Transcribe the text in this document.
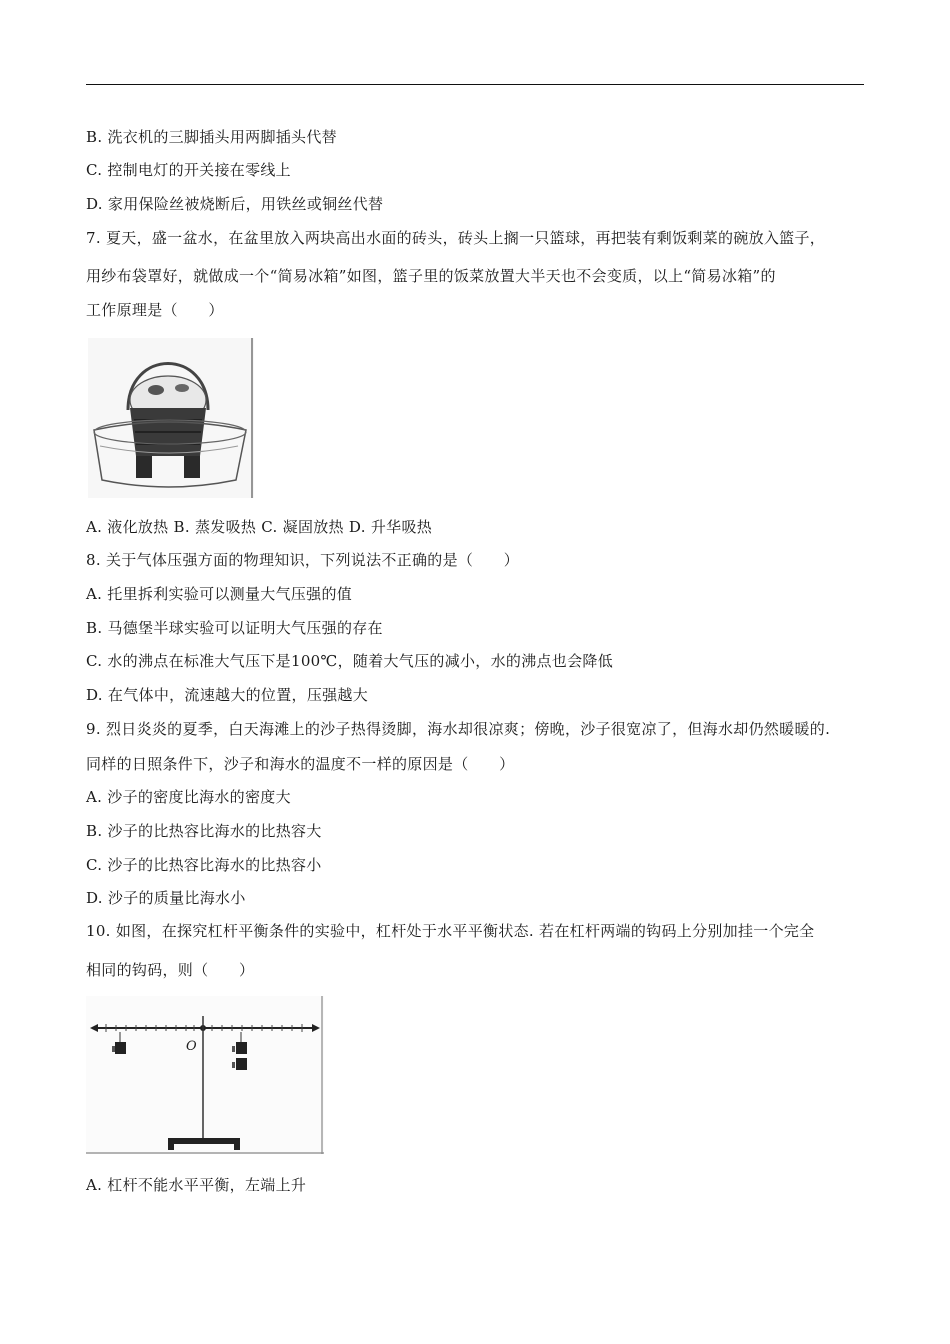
B. 洗衣机的三脚插头用两脚插头代替
C. 控制电灯的开关接在零线上
D. 家用保险丝被烧断后，用铁丝或铜丝代替
7. 夏天，盛一盆水，在盆里放入两块高出水面的砖头，砖头上搁一只篮球，再把装有剩饭剩菜的碗放入篮子，
用纱布袋罩好，就做成一个“简易冰箱”如图，篮子里的饭菜放置大半天也不会变质，以上“简易冰箱”的
工作原理是（　　）
A. 液化放热 B. 蒸发吸热 C. 凝固放热 D. 升华吸热
8. 关于气体压强方面的物理知识，下列说法不正确的是（　　）
A. 托里拆利实验可以测量大气压强的值
B. 马德堡半球实验可以证明大气压强的存在
C. 水的沸点在标准大气压下是100℃，随着大气压的减小，水的沸点也会降低
D. 在气体中，流速越大的位置，压强越大
9. 烈日炎炎的夏季，白天海滩上的沙子热得烫脚，海水却很凉爽；傍晚，沙子很宽凉了，但海水却仍然暖暖的.
同样的日照条件下，沙子和海水的温度不一样的原因是（　　）
A. 沙子的密度比海水的密度大
B. 沙子的比热容比海水的比热容大
C. 沙子的比热容比海水的比热容小
D. 沙子的质量比海水小
10. 如图，在探究杠杆平衡条件的实验中，杠杆处于水平平衡状态. 若在杠杆两端的钩码上分别加挂一个完全
相同的钩码，则（　　）
O
A. 杠杆不能水平平衡，左端上升
